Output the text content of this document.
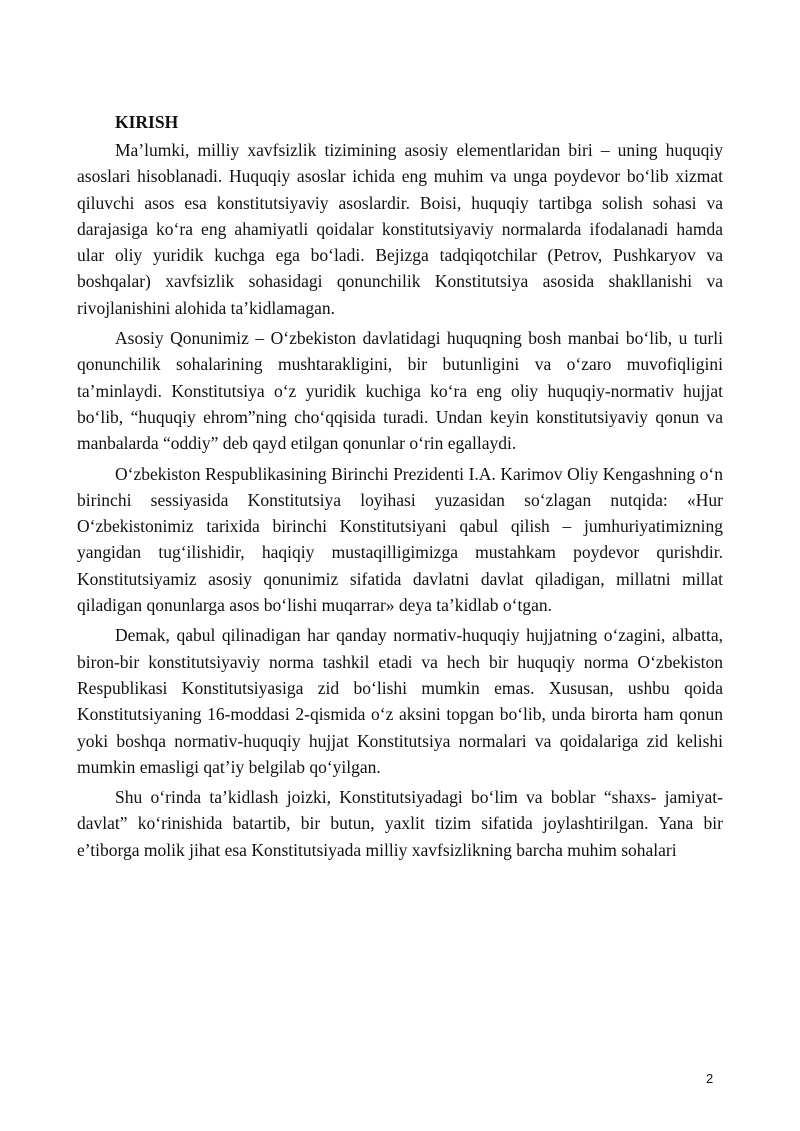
KIRISH

Ma’lumki, milliy xavfsizlik tizimining asosiy elementlaridan biri – uning huquqiy asoslari hisoblanadi. Huquqiy asoslar ichida eng muhim va unga poydevor bo‘lib xizmat qiluvchi asos esa konstitutsiyaviy asoslardir. Boisi, huquqiy tartibga solish sohasi va darajasiga ko‘ra eng ahamiyatli qoidalar konstitutsiyaviy normalarda ifodalanadi hamda ular oliy yuridik kuchga ega bo‘ladi. Bejizga tadqiqotchilar (Petrov, Pushkaryov va boshqalar) xavfsizlik sohasidagi qonunchilik Konstitutsiya asosida shakllanishi va rivojlanishini alohida ta’kidlamagan.

Asosiy Qonunimiz – O‘zbekiston davlatidagi huquqning bosh manbai bo‘lib, u turli qonunchilik sohalarining mushtarakligini, bir butunligini va o‘zaro muvofiqligini ta’minlaydi. Konstitutsiya o‘z yuridik kuchiga ko‘ra eng oliy huquqiy-normativ hujjat bo‘lib, “huquqiy ehrom”ning cho‘qqisida turadi. Undan keyin konstitutsiyaviy qonun va manbalarda “oddiy” deb qayd etilgan qonunlar o‘rin egallaydi.

O‘zbekiston Respublikasining Birinchi Prezidenti I.A. Karimov Oliy Kengashning o‘n birinchi sessiyasida Konstitutsiya loyihasi yuzasidan so‘zlagan nutqida: «Hur O‘zbekistonimiz tarixida birinchi Konstitutsiyani qabul qilish – jumhuriyatimizning yangidan tug‘ilishidir, haqiqiy mustaqilligimizga mustahkam poydevor qurishdir. Konstitutsiyamiz asosiy qonunimiz sifatida davlatni davlat qiladigan, millatni millat qiladigan qonunlarga asos bo‘lishi muqarrar» deya ta’kidlab o‘tgan.

Demak, qabul qilinadigan har qanday normativ-huquqiy hujjatning o‘zagini, albatta, biron-bir konstitutsiyaviy norma tashkil etadi va hech bir huquqiy norma O‘zbekiston Respublikasi Konstitutsiyasiga zid bo‘lishi mumkin emas. Xususan, ushbu qoida Konstitutsiyaning 16-moddasi 2-qismida o‘z aksini topgan bo‘lib, unda birorta ham qonun yoki boshqa normativ-huquqiy hujjat Konstitutsiya normalari va qoidalariga zid kelishi mumkin emasligi qat’iy belgilab qo‘yilgan.

Shu o‘rinda ta’kidlash joizki, Konstitutsiyadagi bo‘lim va boblar “shaxs- jamiyat-davlat” ko‘rinishida batartib, bir butun, yaxlit tizim sifatida joylashtirilgan. Yana bir e’tiborga molik jihat esa Konstitutsiyada milliy xavfsizlikning barcha muhim sohalari

2
